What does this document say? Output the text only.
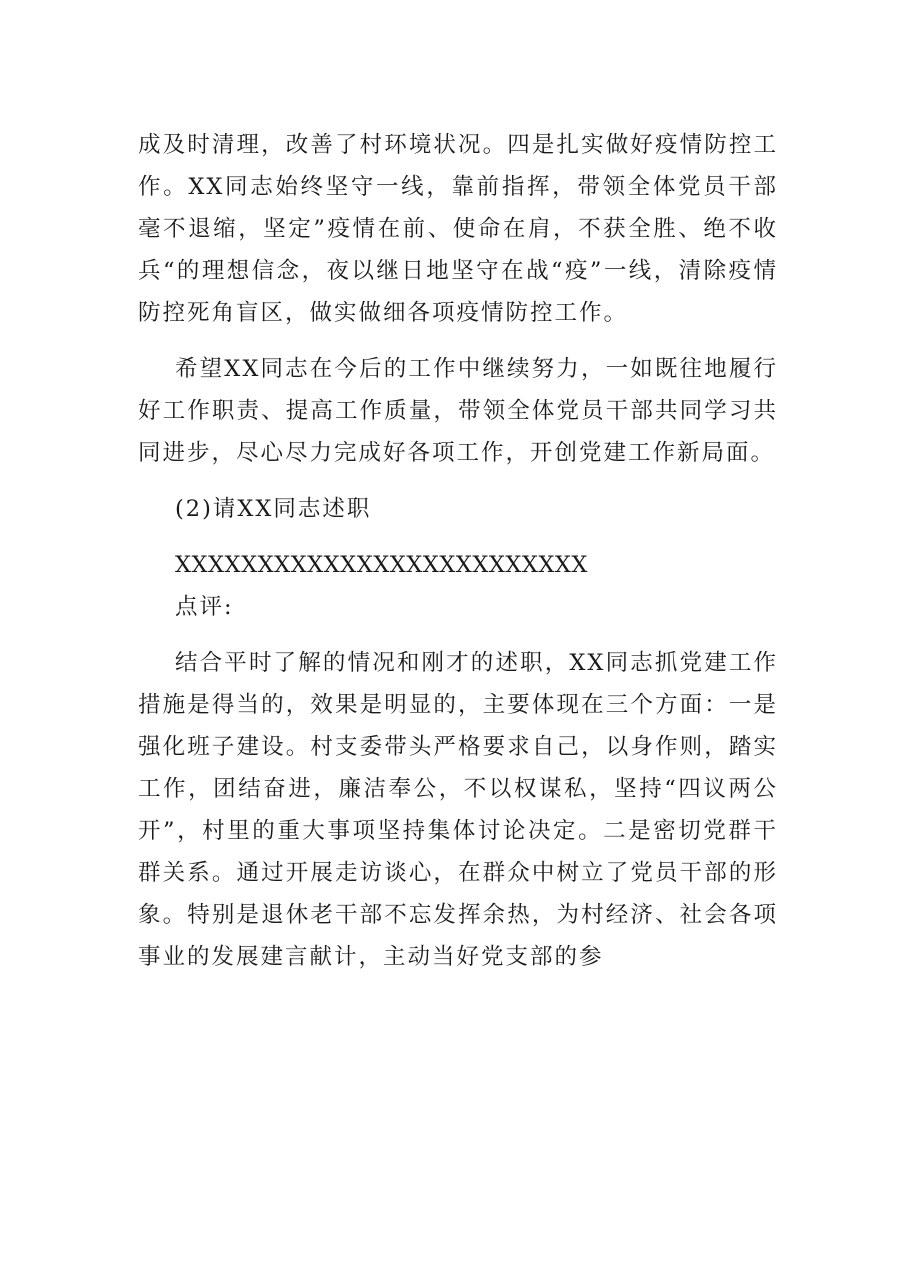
成及时清理，改善了村环境状况。四是扎实做好疫情防控工作。XX同志始终坚守一线，靠前指挥，带领全体党员干部毫不退缩，坚定”疫情在前、使命在肩，不获全胜、绝不收兵“的理想信念，夜以继日地坚守在战“疫”一线，清除疫情防控死角盲区，做实做细各项疫情防控工作。

希望XX同志在今后的工作中继续努力，一如既往地履行好工作职责、提高工作质量，带领全体党员干部共同学习共同进步，尽心尽力完成好各项工作，开创党建工作新局面。

(2)请XX同志述职

XXXXXXXXXXXXXXXXXXXXXXXXX

点评:

结合平时了解的情况和刚才的述职，XX同志抓党建工作措施是得当的，效果是明显的，主要体现在三个方面：一是强化班子建设。村支委带头严格要求自己，以身作则，踏实工作，团结奋进，廉洁奉公，不以权谋私，坚持“四议两公开”，村里的重大事项坚持集体讨论决定。二是密切党群干群关系。通过开展走访谈心，在群众中树立了党员干部的形象。特别是退休老干部不忘发挥余热，为村经济、社会各项事业的发展建言献计，主动当好党支部的参
